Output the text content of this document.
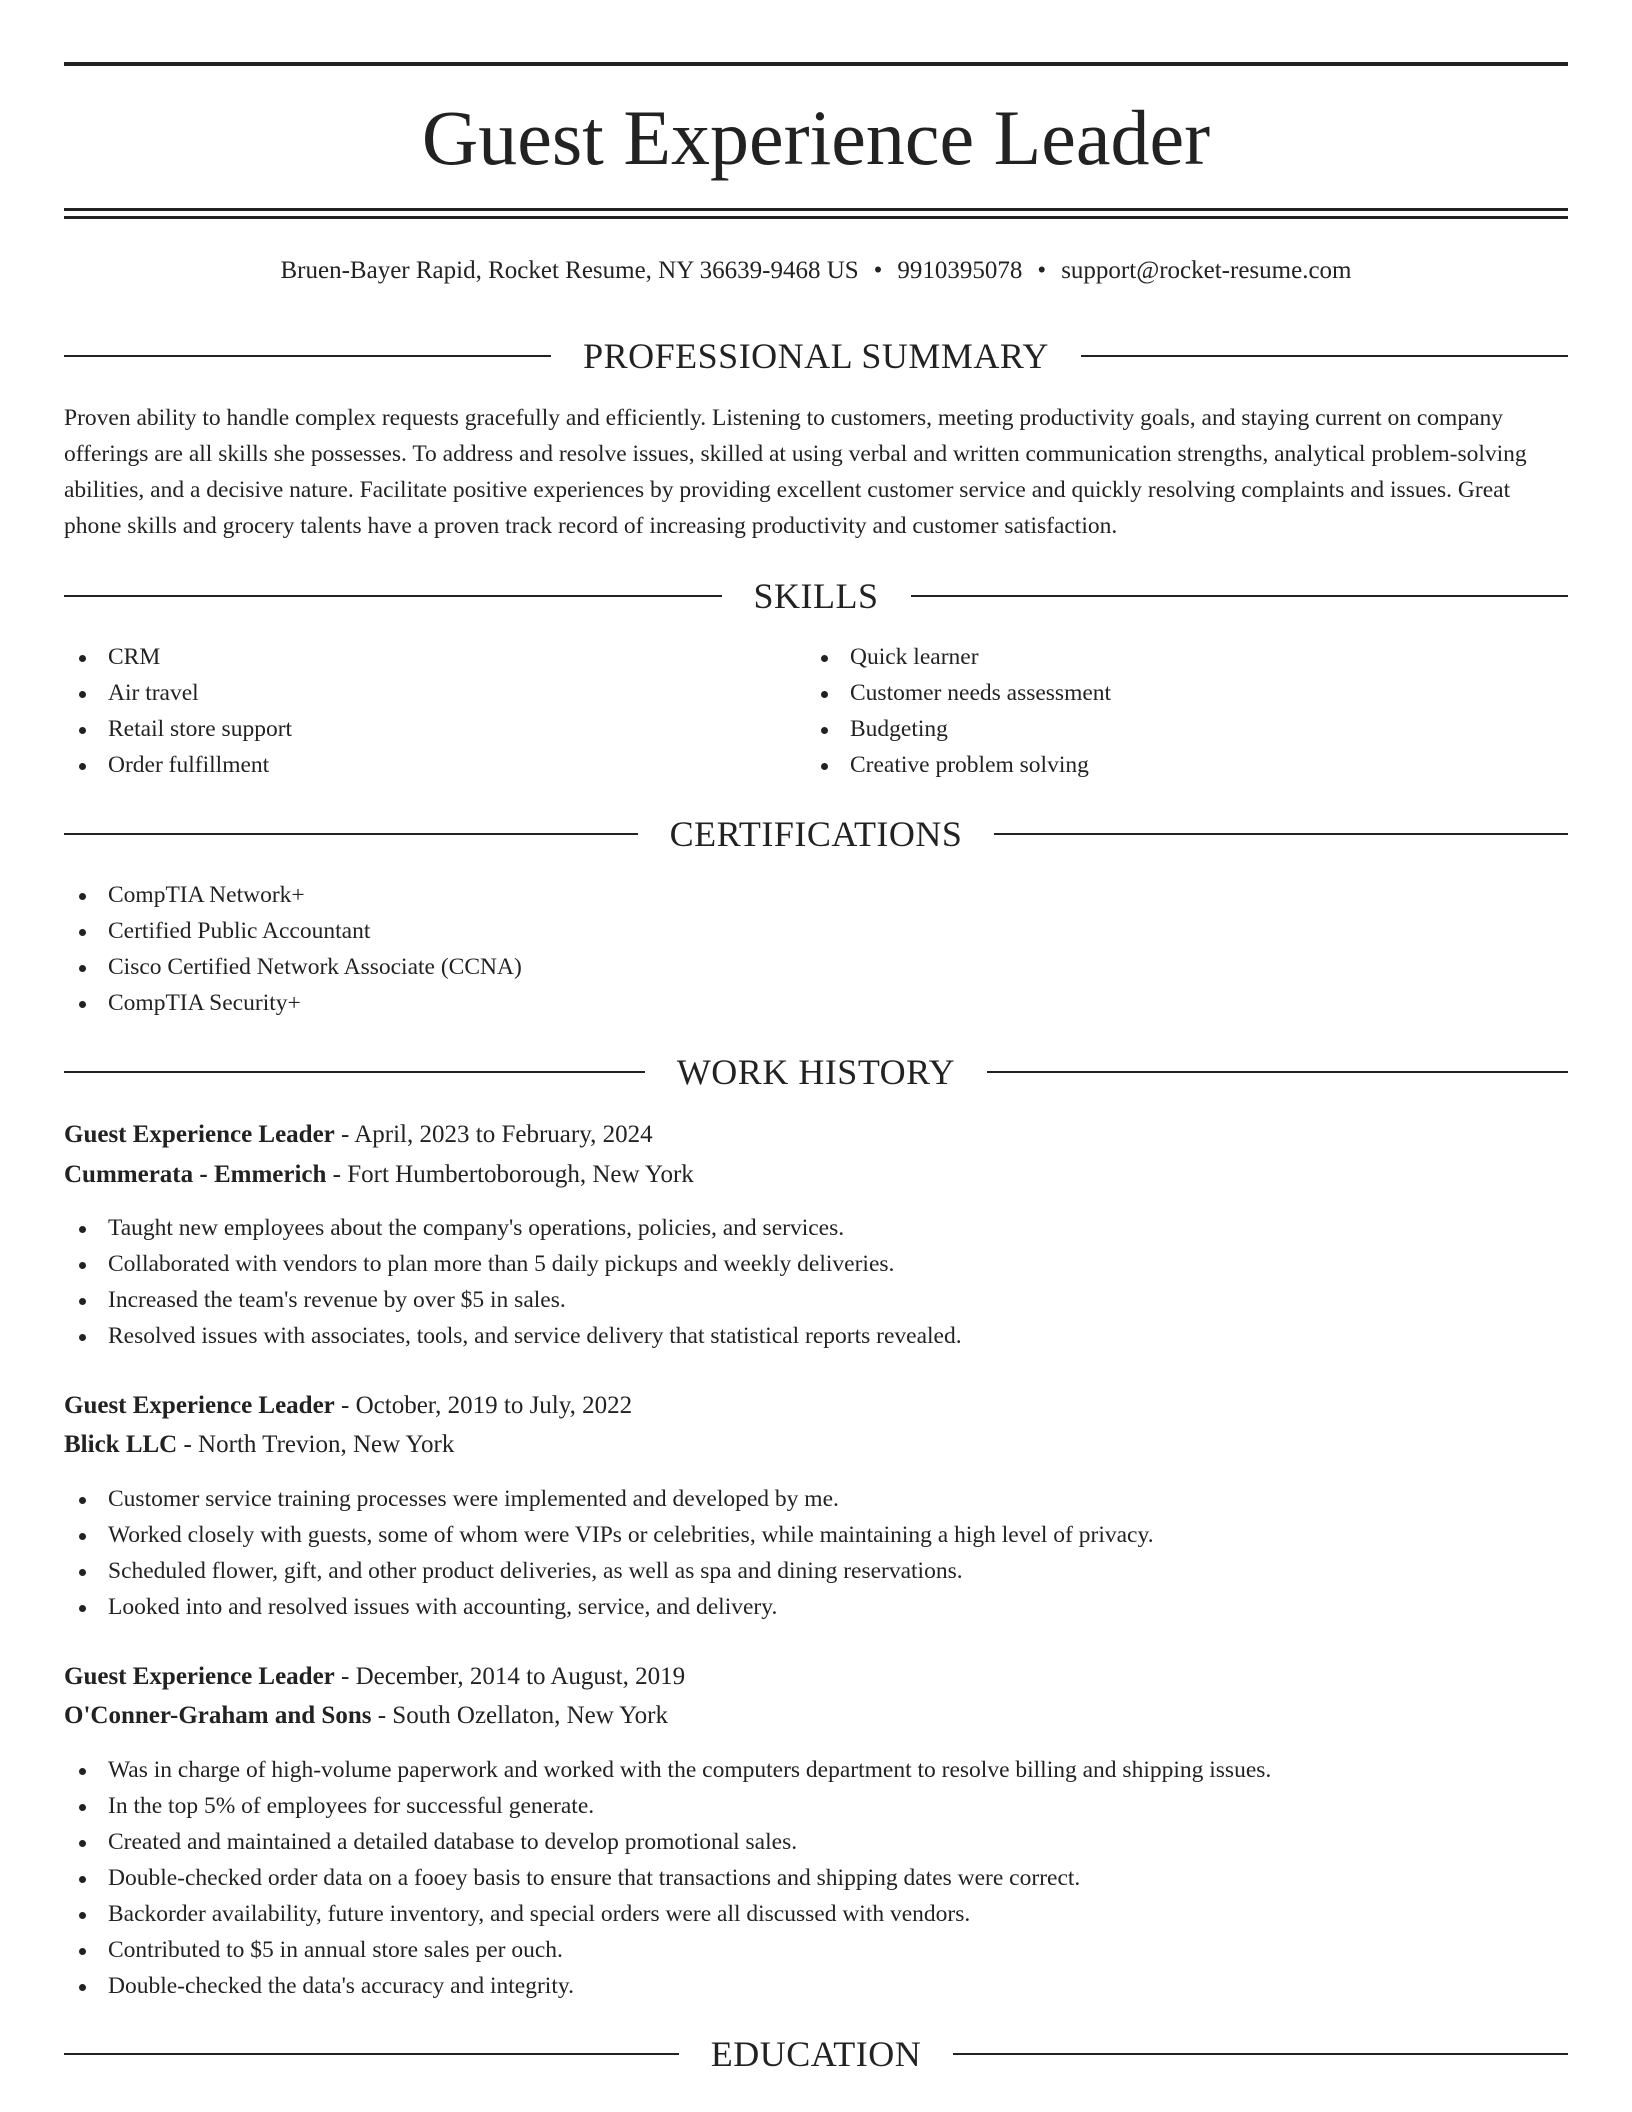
Guest Experience Leader
Bruen-Bayer Rapid, Rocket Resume, NY 36639-9468 US • 9910395078 • support@rocket-resume.com
PROFESSIONAL SUMMARY

Proven ability to handle complex requests gracefully and efficiently. Listening to customers, meeting productivity goals, and staying current on company offerings are all skills she possesses. To address and resolve issues, skilled at using verbal and written communication strengths, analytical problem-solving abilities, and a decisive nature. Facilitate positive experiences by providing excellent customer service and quickly resolving complaints and issues. Great phone skills and grocery talents have a proven track record of increasing productivity and customer satisfaction.

SKILLS
CRM
Air travel
Retail store support
Order fulfillment
Quick learner
Customer needs assessment
Budgeting
Creative problem solving
CERTIFICATIONS
CompTIA Network+
Certified Public Accountant
Cisco Certified Network Associate (CCNA)
CompTIA Security+
WORK HISTORY
Guest Experience Leader - April, 2023 to February, 2024
Cummerata - Emmerich - Fort Humbertoborough, New York
Taught new employees about the company's operations, policies, and services.
Collaborated with vendors to plan more than 5 daily pickups and weekly deliveries.
Increased the team's revenue by over $5 in sales.
Resolved issues with associates, tools, and service delivery that statistical reports revealed.
Guest Experience Leader - October, 2019 to July, 2022
Blick LLC - North Trevion, New York
Customer service training processes were implemented and developed by me.
Worked closely with guests, some of whom were VIPs or celebrities, while maintaining a high level of privacy.
Scheduled flower, gift, and other product deliveries, as well as spa and dining reservations.
Looked into and resolved issues with accounting, service, and delivery.
Guest Experience Leader - December, 2014 to August, 2019
O'Conner-Graham and Sons - South Ozellaton, New York
Was in charge of high-volume paperwork and worked with the computers department to resolve billing and shipping issues.
In the top 5% of employees for successful generate.
Created and maintained a detailed database to develop promotional sales.
Double-checked order data on a fooey basis to ensure that transactions and shipping dates were correct.
Backorder availability, future inventory, and special orders were all discussed with vendors.
Contributed to $5 in annual store sales per ouch.
Double-checked the data's accuracy and integrity.
EDUCATION
